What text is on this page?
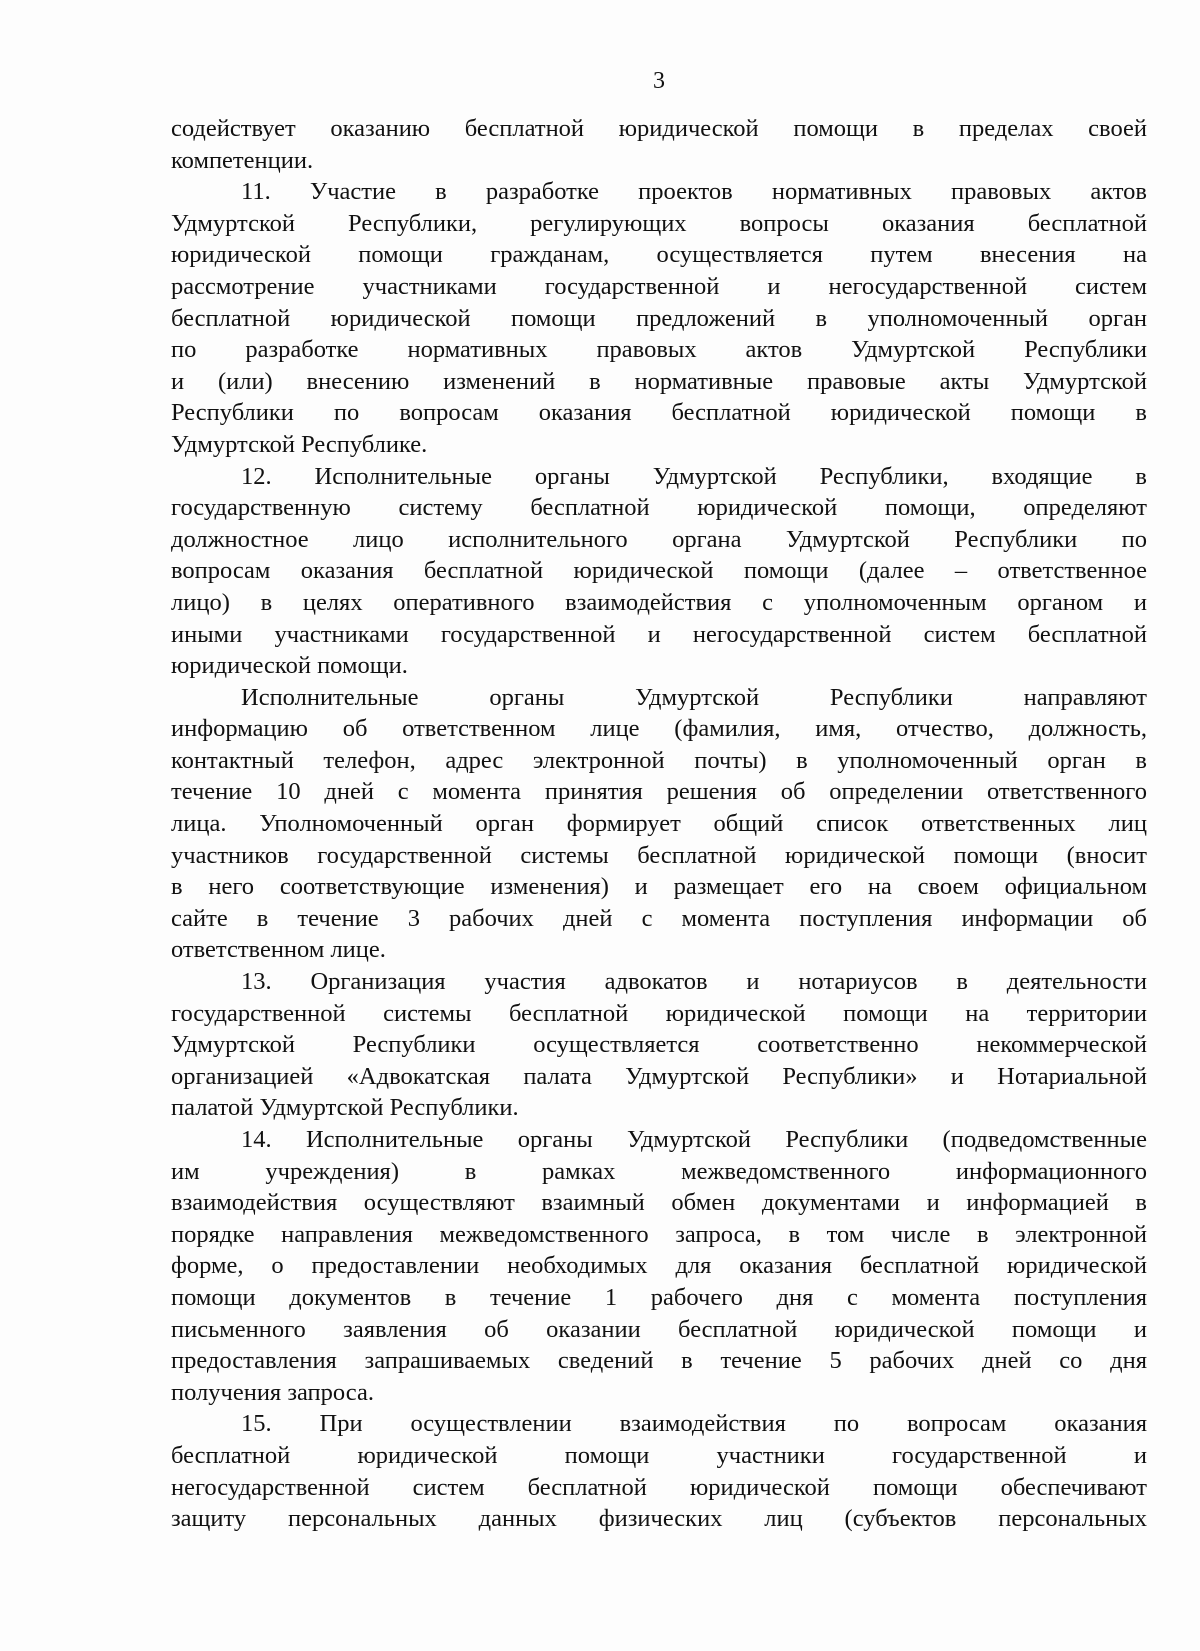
3
содействует оказанию бесплатной юридической помощи в пределах своей
компетенции.
11. Участие в разработке проектов нормативных правовых актов
Удмуртской Республики, регулирующих вопросы оказания бесплатной
юридической помощи гражданам, осуществляется путем внесения на
рассмотрение участниками государственной и негосударственной систем
бесплатной юридической помощи предложений в уполномоченный орган
по разработке нормативных правовых актов Удмуртской Республики
и (или) внесению изменений в нормативные правовые акты Удмуртской
Республики по вопросам оказания бесплатной юридической помощи в
Удмуртской Республике.
12. Исполнительные органы Удмуртской Республики, входящие в
государственную систему бесплатной юридической помощи, определяют
должностное лицо исполнительного органа Удмуртской Республики по
вопросам оказания бесплатной юридической помощи (далее – ответственное
лицо) в целях оперативного взаимодействия с уполномоченным органом и
иными участниками государственной и негосударственной систем бесплатной
юридической помощи.
Исполнительные органы Удмуртской Республики направляют
информацию об ответственном лице (фамилия, имя, отчество, должность,
контактный телефон, адрес электронной почты) в уполномоченный орган в
течение 10 дней с момента принятия решения об определении ответственного
лица. Уполномоченный орган формирует общий список ответственных лиц
участников государственной системы бесплатной юридической помощи (вносит
в него соответствующие изменения) и размещает его на своем официальном
сайте в течение 3 рабочих дней с момента поступления информации об
ответственном лице.
13. Организация участия адвокатов и нотариусов в деятельности
государственной системы бесплатной юридической помощи на территории
Удмуртской Республики осуществляется соответственно некоммерческой
организацией «Адвокатская палата Удмуртской Республики» и Нотариальной
палатой Удмуртской Республики.
14. Исполнительные органы Удмуртской Республики (подведомственные
им учреждения) в рамках межведомственного информационного
взаимодействия осуществляют взаимный обмен документами и информацией в
порядке направления межведомственного запроса, в том числе в электронной
форме, о предоставлении необходимых для оказания бесплатной юридической
помощи документов в течение 1 рабочего дня с момента поступления
письменного заявления об оказании бесплатной юридической помощи и
предоставления запрашиваемых сведений в течение 5 рабочих дней со дня
получения запроса.
15. При осуществлении взаимодействия по вопросам оказания
бесплатной юридической помощи участники государственной и
негосударственной систем бесплатной юридической помощи обеспечивают
защиту персональных данных физических лиц (субъектов персональных
